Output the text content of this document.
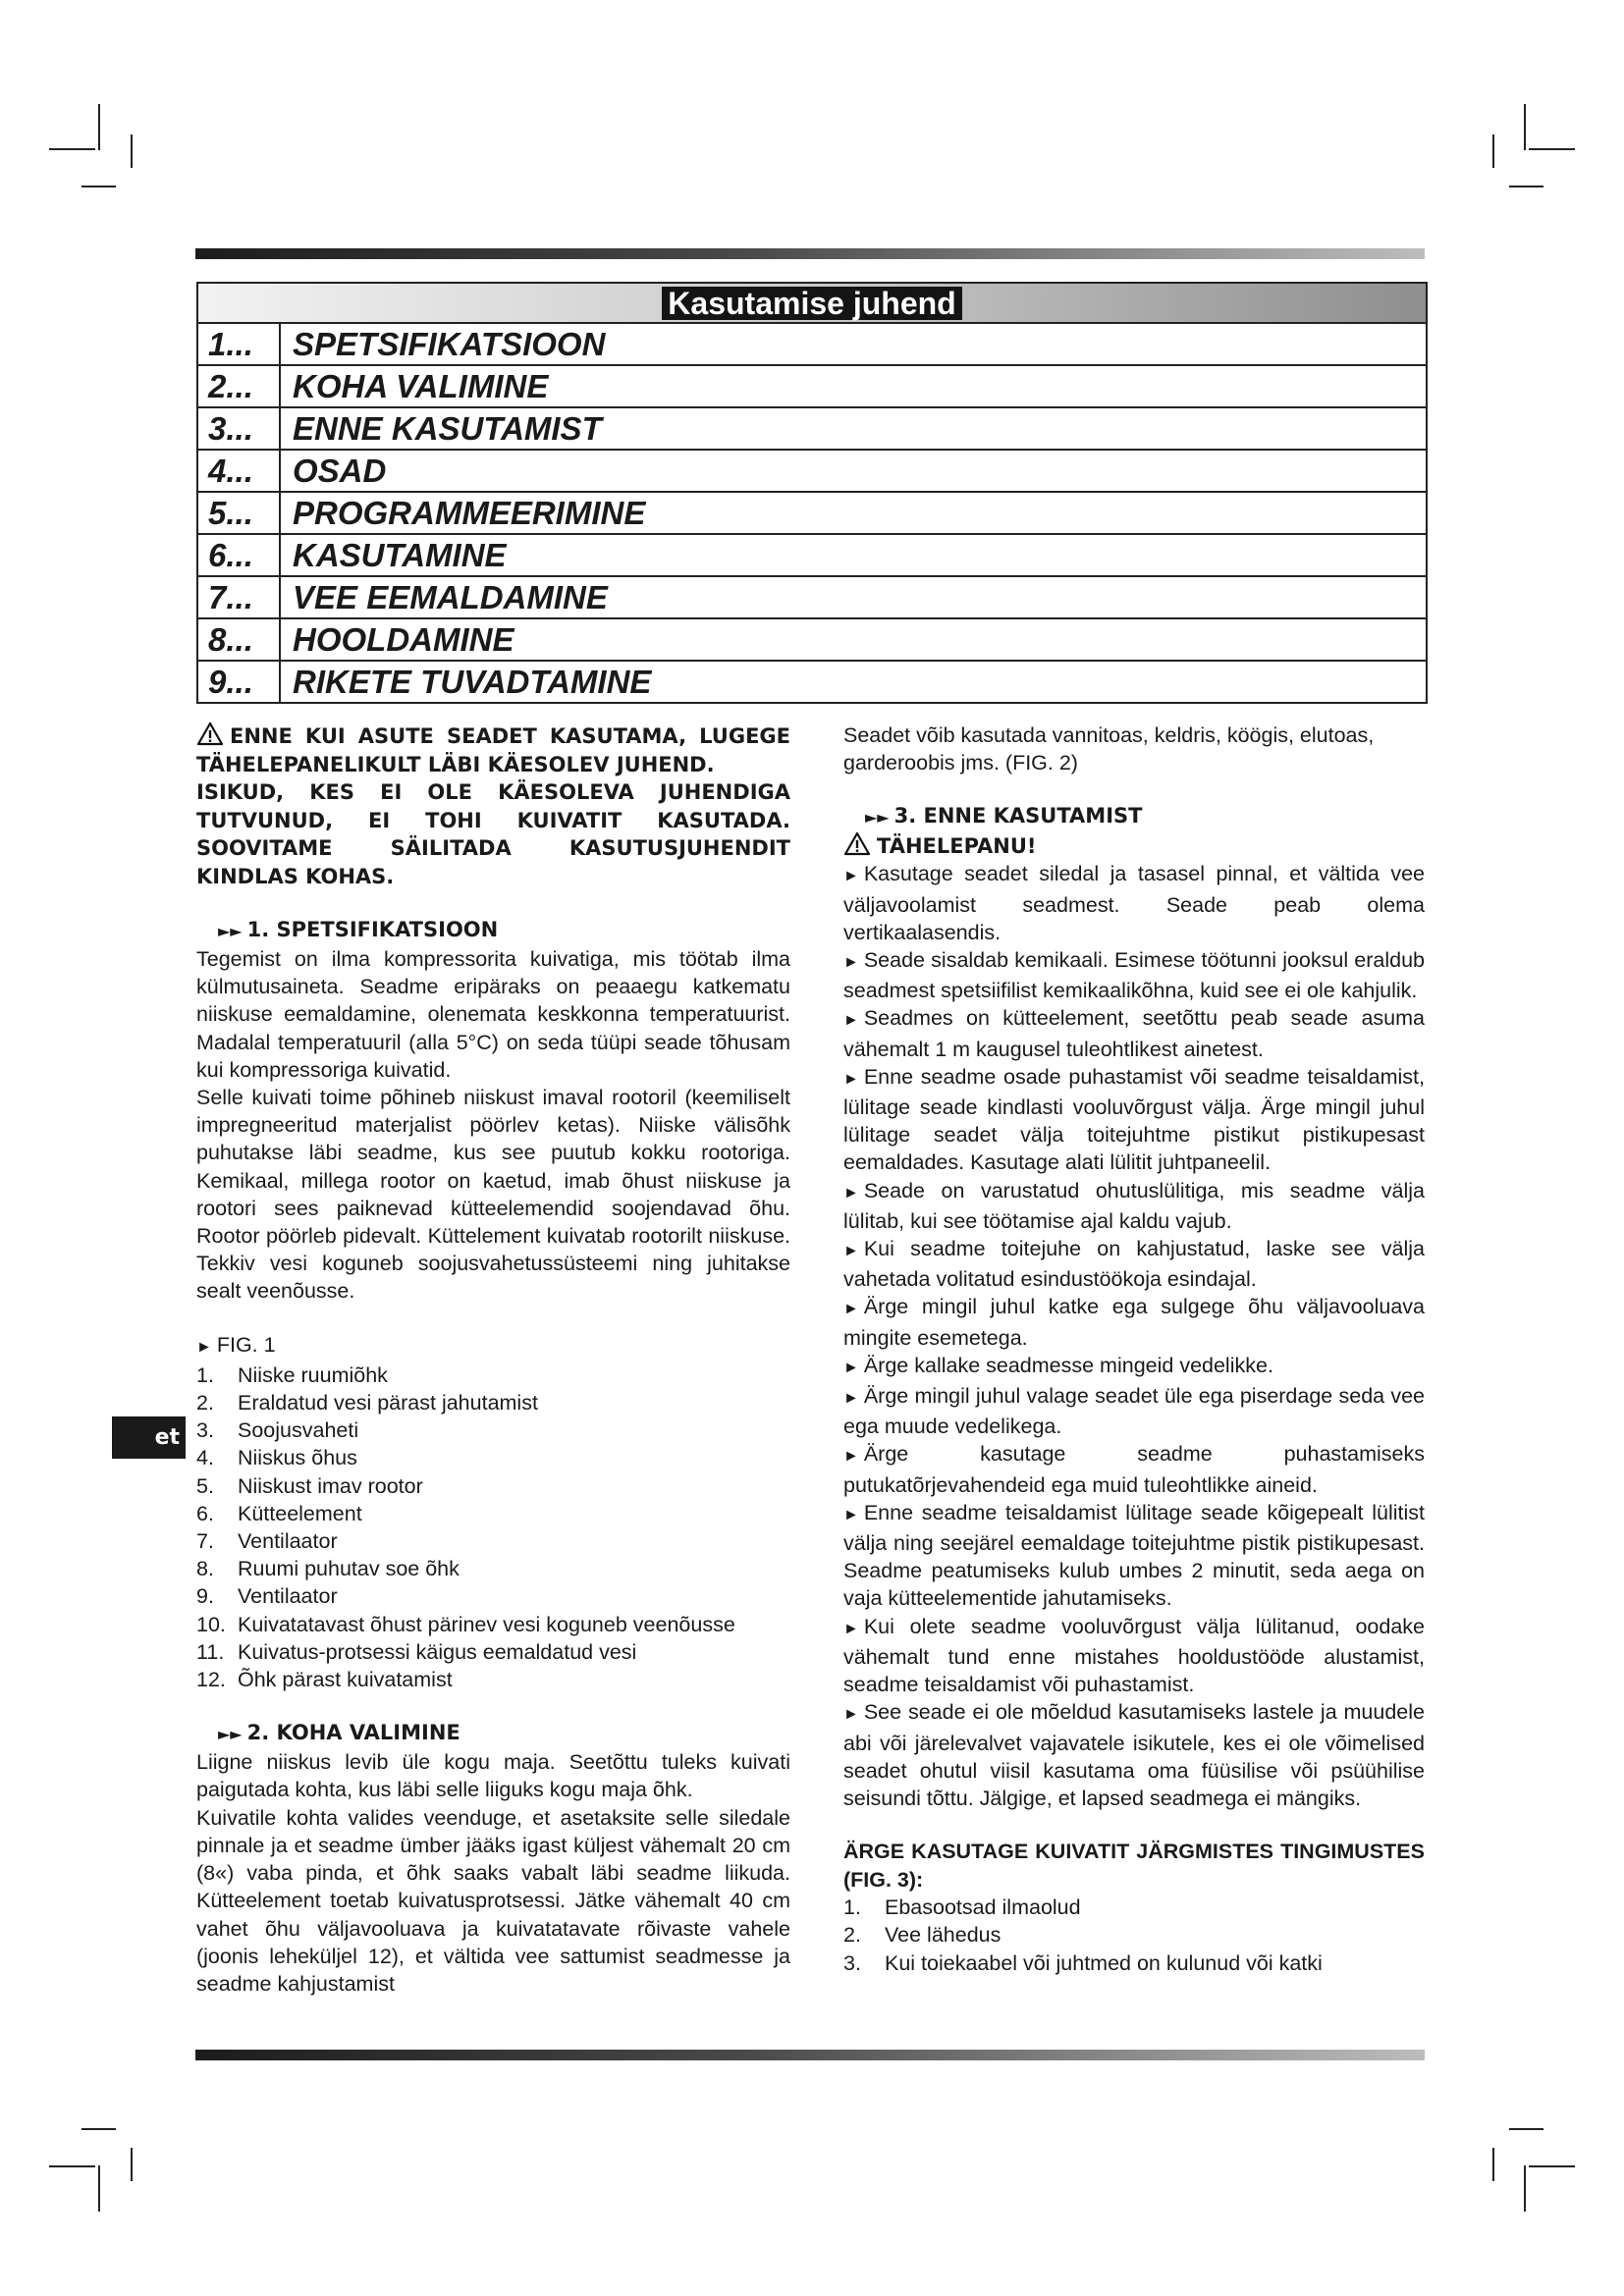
Kasutamise juhend
1...	SPETSIFIKATSIOON
2...	KOHA VALIMINE
3...	ENNE KASUTAMIST
4...	OSAD
5...	PROGRAMMEERIMINE
6...	KASUTAMINE
7...	VEE EEMALDAMINE
8...	HOOLDAMINE
9...	RIKETE TUVADTAMINE
et

ENNE KUI ASUTE SEADET KASUTAMA, LUGEGE TÄHELEPANELIKULT LÄBI KÄESOLEV JUHEND.

ISIKUD, KES EI OLE KÄESOLEVA JUHENDIGA TUTVUNUD, EI TOHI KUIVATIT KASUTADA. SOOVITAME SÄILITADA KASUTUSJUHENDIT KINDLAS KOHAS.

►► 1. SPETSIFIKATSIOON

Tegemist on ilma kompressorita kuivatiga, mis töötab ilma külmutusaineta. Seadme eripäraks on peaaegu katkematu niiskuse eemaldamine, olenemata keskkonna temperatuurist. Madalal temperatuuril (alla 5°C) on seda tüüpi seade tõhusam kui kompressoriga kuivatid.

Selle kuivati toime põhineb niiskust imaval rootoril (keemiliselt impregneeritud materjalist pöörlev ketas). Niiske välisõhk puhutakse läbi seadme, kus see puutub kokku rootoriga. Kemikaal, millega rootor on kaetud, imab õhust niiskuse ja rootori sees paiknevad kütteelemendid soojendavad õhu. Rootor pöörleb pidevalt. Küttelement kuivatab rootorilt niiskuse. Tekkiv vesi koguneb soojusvahetussüsteemi ning juhitakse sealt veenõusse.

► FIG. 1

1.	Niiske ruumiõhk
2.	Eraldatud vesi pärast jahutamist
3.	Soojusvaheti
4.	Niiskus õhus
5.	Niiskust imav rootor
6.	Kütteelement
7.	Ventilaator
8.	Ruumi puhutav soe õhk
9.	Ventilaator
10. Kuivatatavast õhust pärinev vesi koguneb veenõusse
11. Kuivatus-protsessi käigus eemaldatud vesi
12. Õhk pärast kuivatamist

►► 2. KOHA VALIMINE

Liigne niiskus levib üle kogu maja. Seetõttu tuleks kuivati paigutada kohta, kus läbi selle liiguks kogu maja õhk.

Kuivatile kohta valides veenduge, et asetaksite selle siledale pinnale ja et seadme ümber jääks igast küljest vähemalt 20 cm (8«) vaba pinda, et õhk saaks vabalt läbi seadme liikuda. Kütteelement toetab kuivatusprotsessi. Jätke vähemalt 40 cm vahet õhu väljavooluava ja kuivatatavate rõivaste vahele (joonis leheküljel 12), et vältida vee sattumist seadmesse ja seadme kahjustamist

Seadet võib kasutada vannitoas, keldris, köögis, elutoas, garderoobis jms. (FIG. 2)

►► 3. ENNE KASUTAMIST

TÄHELEPANU!

► Kasutage seadet siledal ja tasasel pinnal, et vältida vee väljavoolamist seadmest. Seade peab olema vertikaalasendis.

► Seade sisaldab kemikaali. Esimese töötunni jooksul eraldub seadmest spetsiifilist kemikaalikõhna, kuid see ei ole kahjulik.

► Seadmes on kütteelement, seetõttu peab seade asuma vähemalt 1 m kaugusel tuleohtlikest ainetest.

► Enne seadme osade puhastamist või seadme teisaldamist, lülitage seade kindlasti vooluvõrgust välja. Ärge mingil juhul lülitage seadet välja toitejuhtme pistikut pistikupesast eemaldades. Kasutage alati lülitit juhtpaneelil.

► Seade on varustatud ohutuslülitiga, mis seadme välja lülitab, kui see töötamise ajal kaldu vajub.

► Kui seadme toitejuhe on kahjustatud, laske see välja vahetada volitatud esindustöökoja esindajal.

► Ärge mingil juhul katke ega sulgege õhu väljavooluava mingite esemetega.

► Ärge kallake seadmesse mingeid vedelikke.

► Ärge mingil juhul valage seadet üle ega piserdage seda vee ega muude vedelikega.

► Ärge kasutage seadme puhastamiseks putukatõrjevahendeid ega muid tuleohtlikke aineid.

► Enne seadme teisaldamist lülitage seade kõigepealt lülitist välja ning seejärel eemaldage toitejuhtme pistik pistikupesast. Seadme peatumiseks kulub umbes 2 minutit, seda aega on vaja kütteelementide jahutamiseks.

► Kui olete seadme vooluvõrgust välja lülitanud, oodake vähemalt tund enne mistahes hooldustööde alustamist, seadme teisaldamist või puhastamist.

► See seade ei ole mõeldud kasutamiseks lastele ja muudele abi või järelevalvet vajavatele isikutele, kes ei ole võimelised seadet ohutul viisil kasutama oma füüsilise või psüühilise seisundi tõttu. Jälgige, et lapsed seadmega ei mängiks.

ÄRGE KASUTAGE KUIVATIT JÄRGMISTES TINGIMUSTES (FIG. 3):

1.	Ebasootsad ilmaolud
2.	Vee lähedus
3.	Kui toiekaabel või juhtmed on kulunud või katki
